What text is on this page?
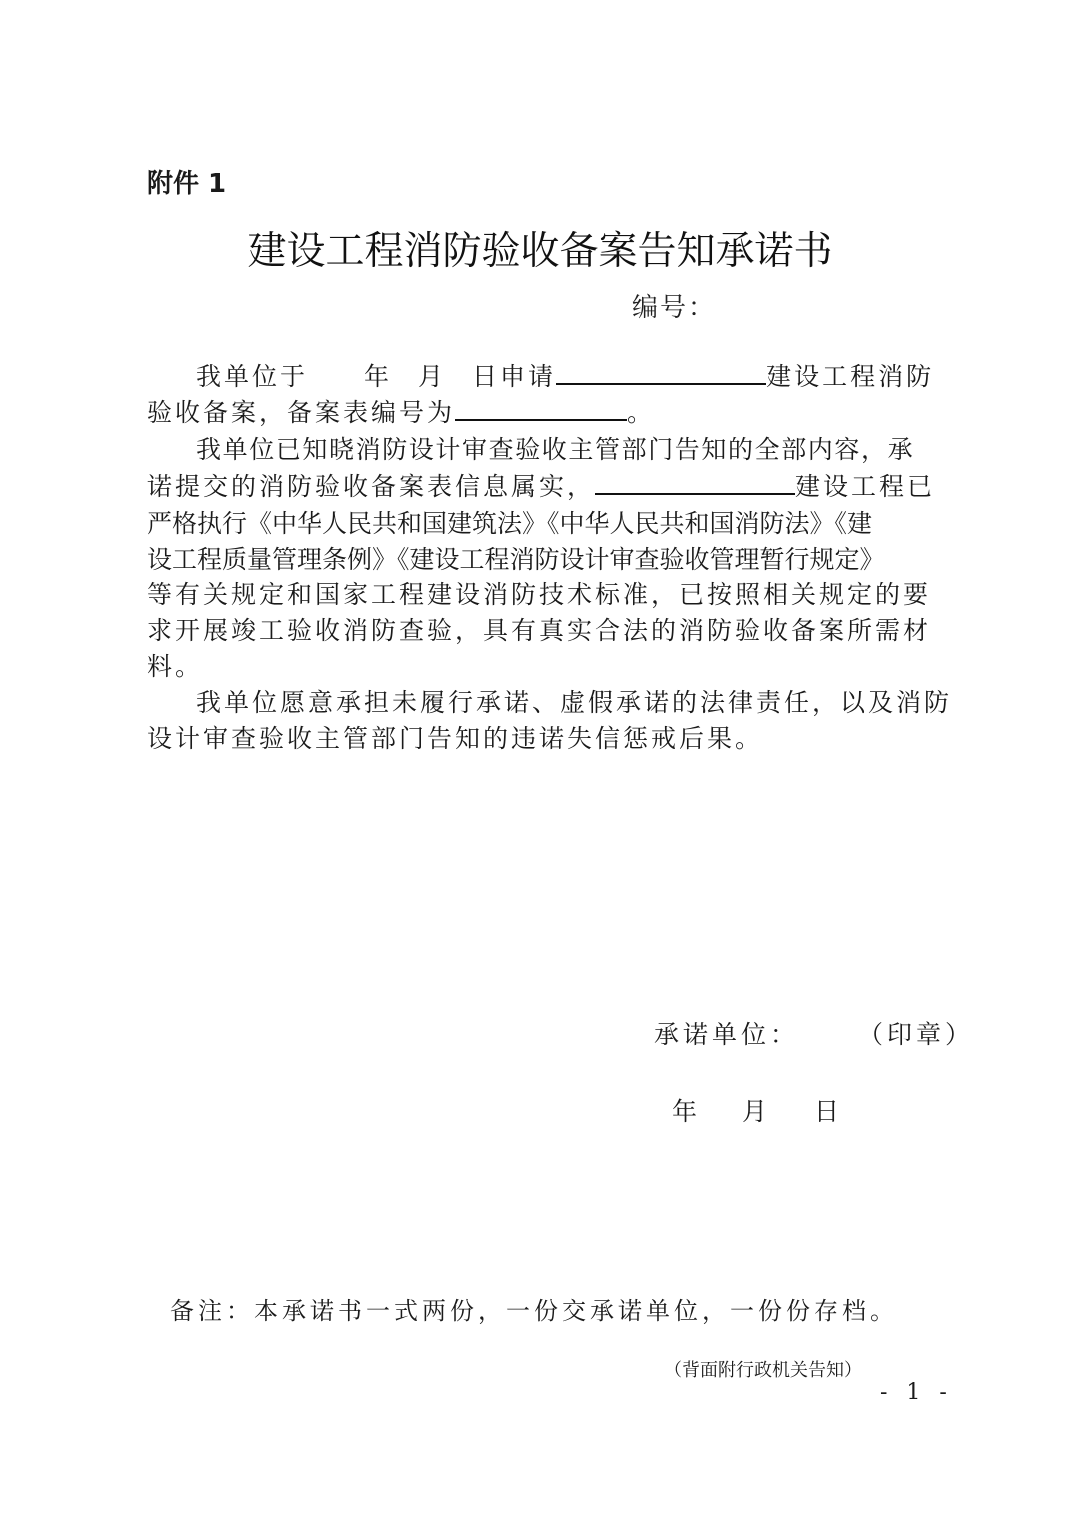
附件 1
建设工程消防验收备案告知承诺书
编号：
我单位于 年 月 日申请	建设工程消防
验收备案，备案表编号为	。
我单位已知晓消防设计审查验收主管部门告知的全部内容，承
诺提交的消防验收备案表信息属实，	建设工程已
严格执行《中华人民共和国建筑法》《中华人民共和国消防法》《建
设工程质量管理条例》《建设工程消防设计审查验收管理暂行规定》
等有关规定和国家工程建设消防技术标准，已按照相关规定的要
求开展竣工验收消防查验，具有真实合法的消防验收备案所需材
料。
我单位愿意承担未履行承诺、虚假承诺的法律责任，以及消防
设计审查验收主管部门告知的违诺失信惩戒后果。
承诺单位： （印章）
年 月 日
备注：本承诺书一式两份，一份交承诺单位，一份份存档。
（背面附行政机关告知）
- 1 -
